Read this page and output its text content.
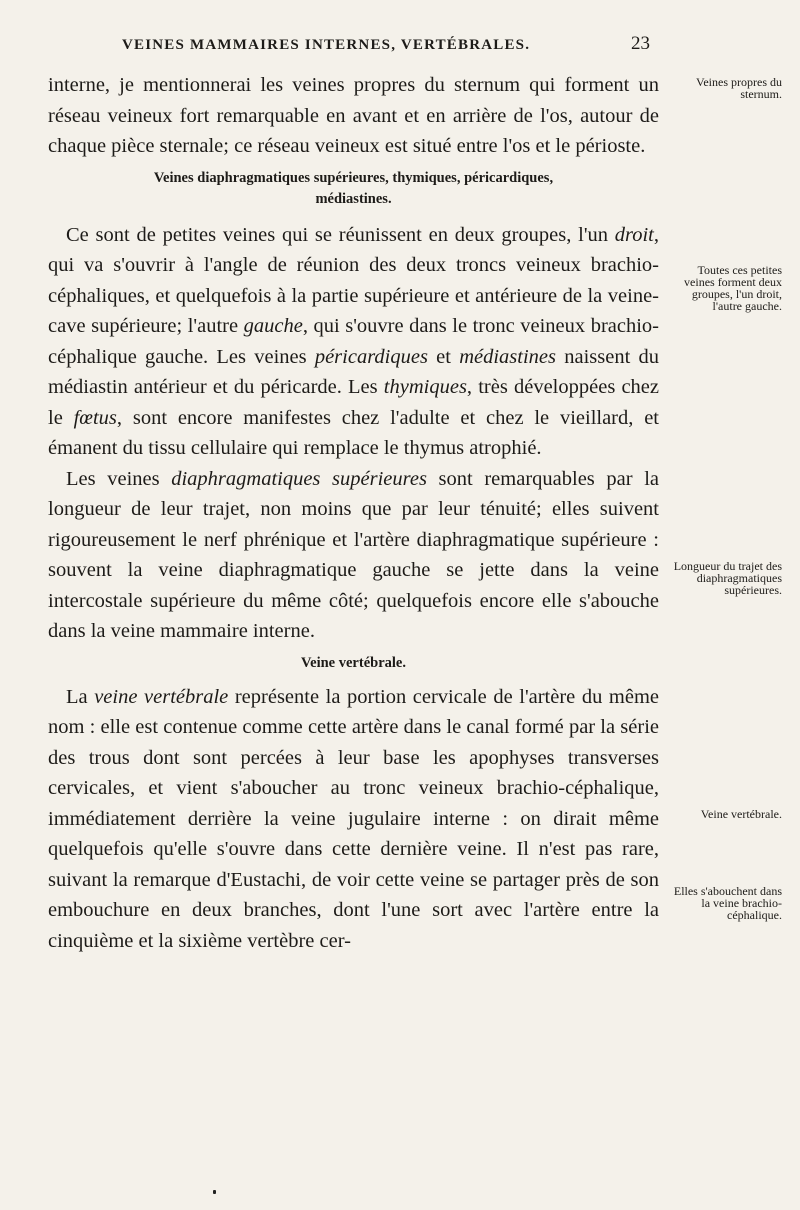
VEINES MAMMAIRES INTERNES, VERTÉBRALES.	23

interne, je mentionnerai les veines propres du sternum qui forment un réseau veineux fort remarquable en avant et en arrière de l'os, autour de chaque pièce sternale; ce réseau veineux est situé entre l'os et le périoste.

Veines diaphragmatiques supérieures, thymiques, péricardiques,
médiastines.

Ce sont de petites veines qui se réunissent en deux groupes, l'un droit, qui va s'ouvrir à l'angle de réunion des deux troncs veineux brachio-céphaliques, et quelquefois à la partie supérieure et antérieure de la veine-cave supérieure; l'autre gauche, qui s'ouvre dans le tronc veineux brachio-céphalique gauche. Les veines péricardiques et médiastines naissent du médiastin antérieur et du péricarde. Les thymiques, très développées chez le fœtus, sont encore manifestes chez l'adulte et chez le vieillard, et émanent du tissu cellulaire qui remplace le thymus atrophié.

Les veines diaphragmatiques supérieures sont remarquables par la longueur de leur trajet, non moins que par leur ténuité; elles suivent rigoureusement le nerf phrénique et l'artère diaphragmatique supérieure : souvent la veine diaphragmatique gauche se jette dans la veine intercostale supérieure du même côté; quelquefois encore elle s'abouche dans la veine mammaire interne.

Veine vertébrale.

La veine vertébrale représente la portion cervicale de l'artère du même nom : elle est contenue comme cette artère dans le canal formé par la série des trous dont sont percées à leur base les apophyses transverses cervicales, et vient s'aboucher au tronc veineux brachio-céphalique, immédiatement derrière la veine jugulaire interne : on dirait même quelquefois qu'elle s'ouvre dans cette dernière veine. Il n'est pas rare, suivant la remarque d'Eustachi, de voir cette veine se partager près de son embouchure en deux branches, dont l'une sort avec l'artère entre la cinquième et la sixième vertèbre cer-

Veines propres du sternum.
Toutes ces petites veines forment deux groupes, l'un droit, l'autre gauche.
Longueur du trajet des diaphragmatiques supérieures.
Veine vertébrale.
Elles s'abouchent dans la veine brachio-céphalique.
